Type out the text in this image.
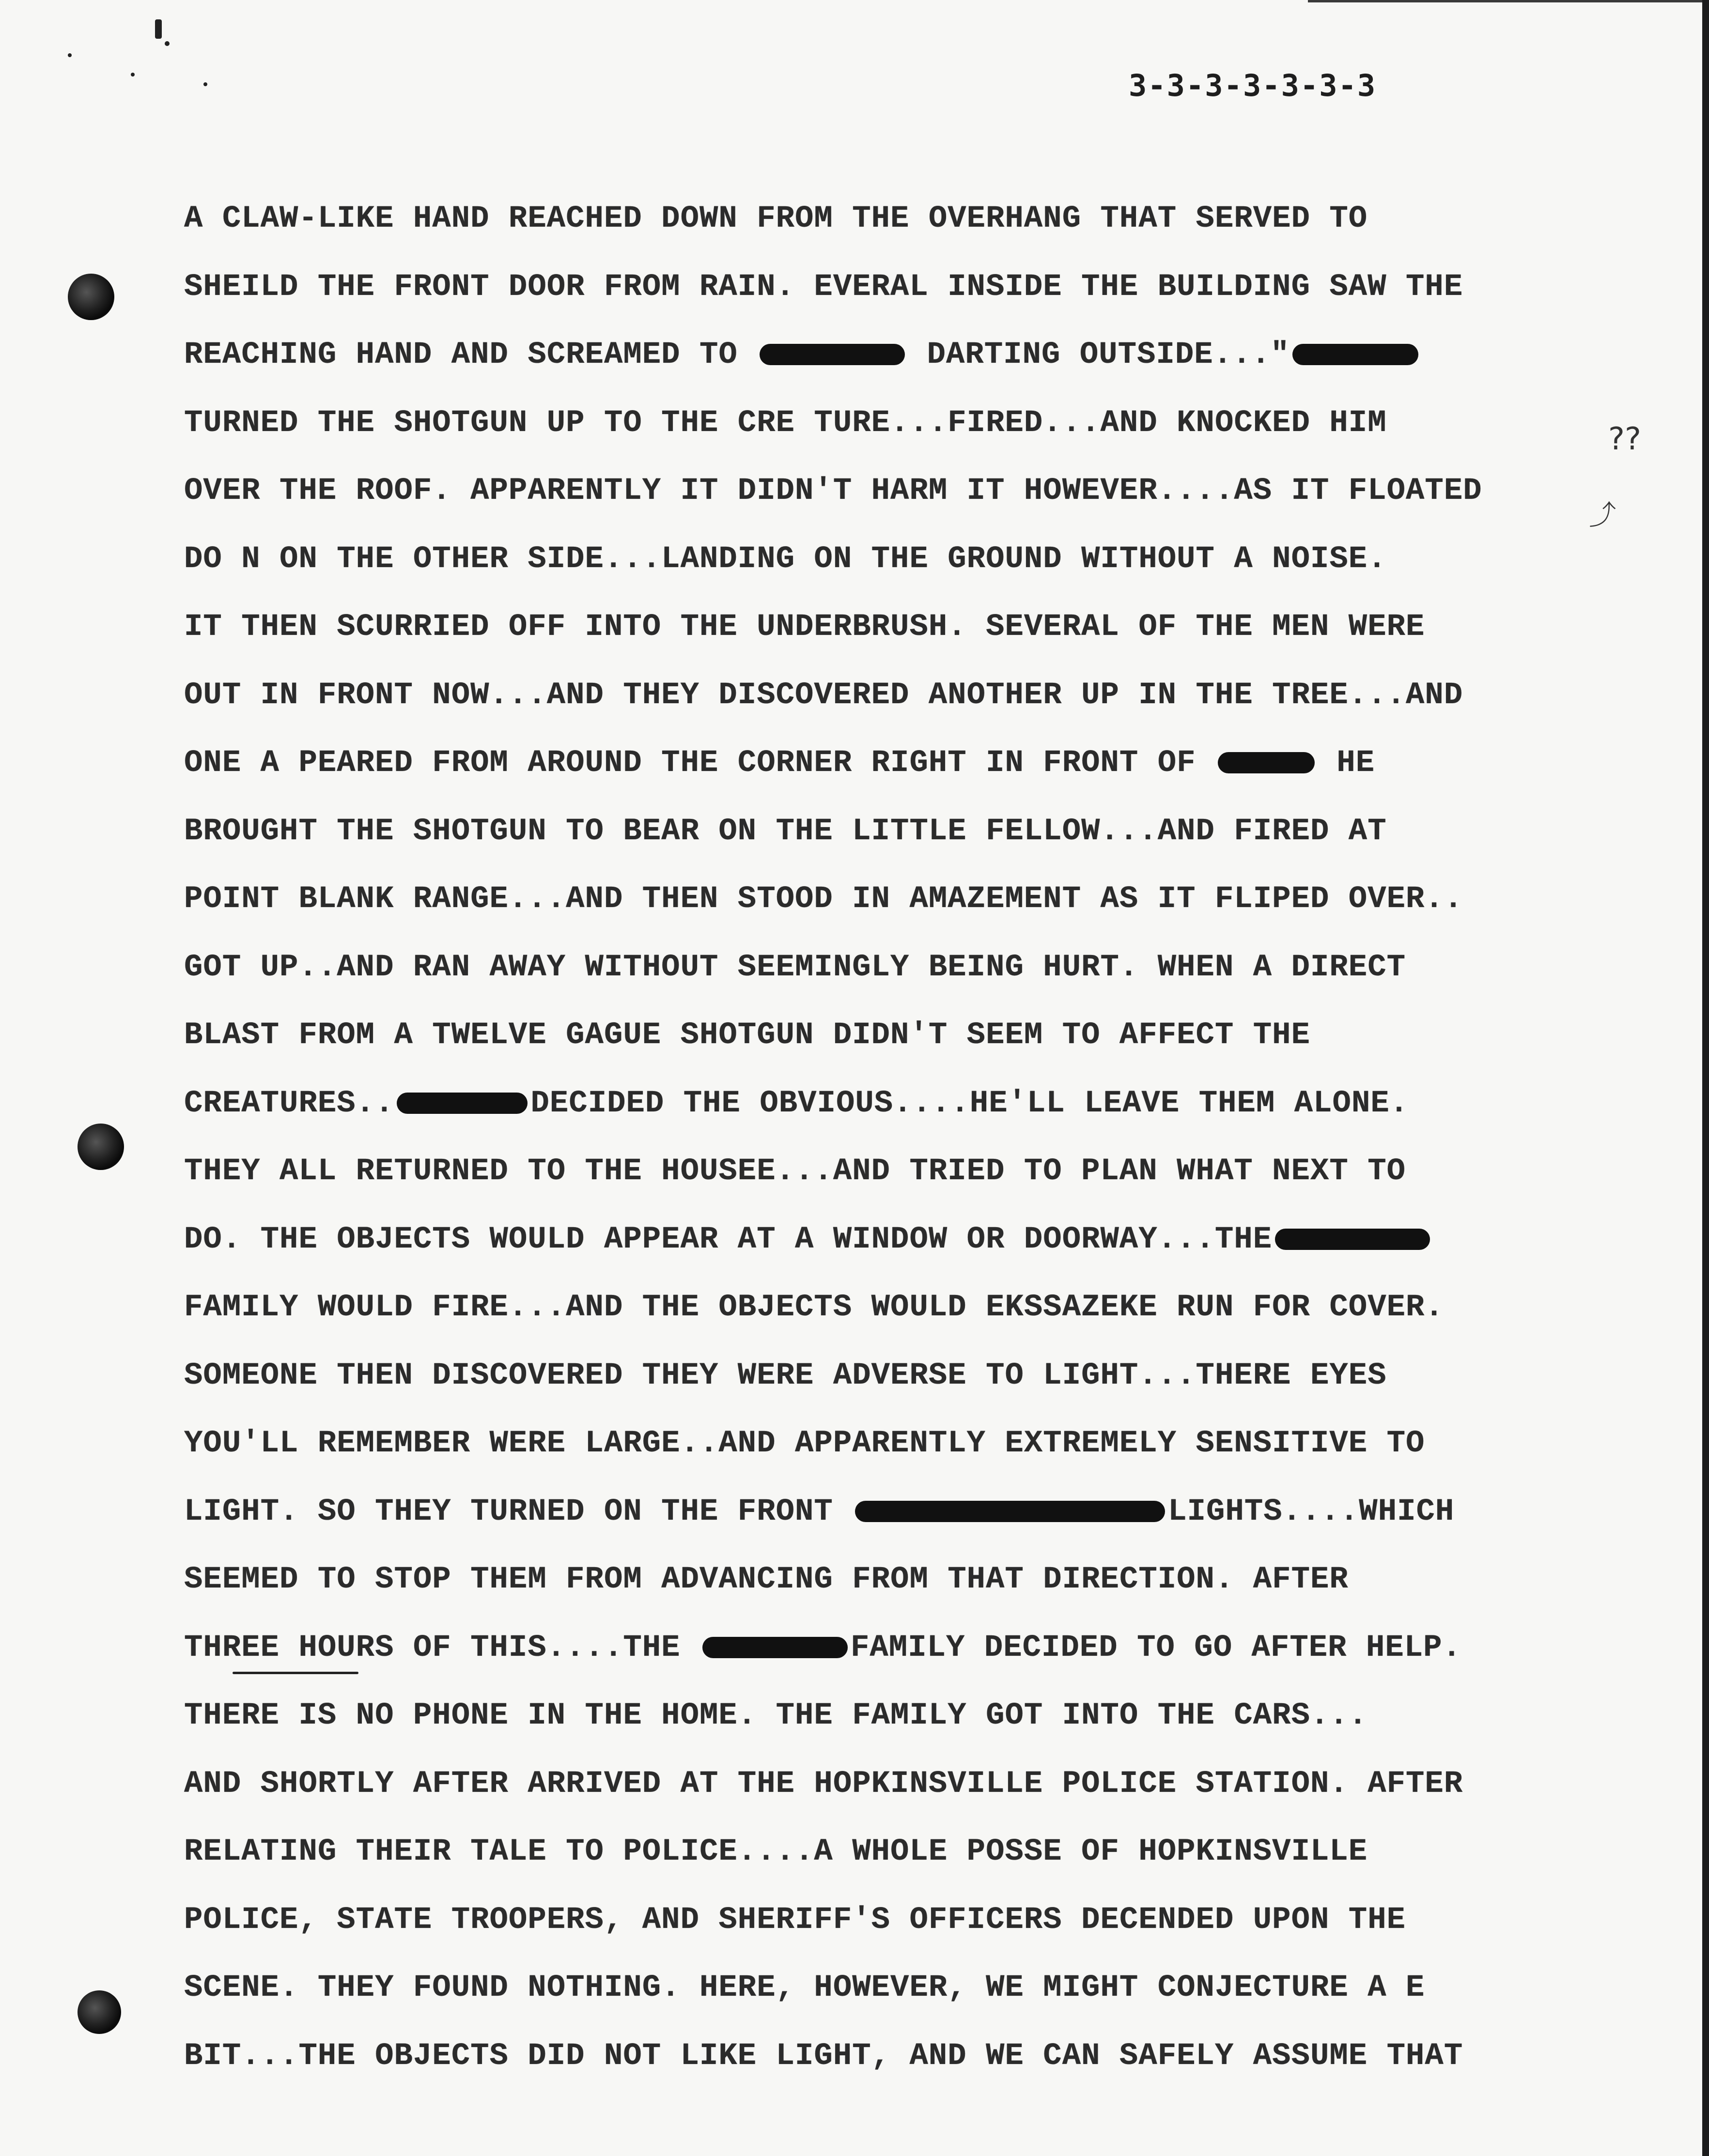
3-3-3-3-3-3-3
??
⤴
A CLAW-LIKE HAND REACHED DOWN FROM THE OVERHANG THAT SERVED TO
SHEILD THE FRONT DOOR FROM RAIN. EVERAL INSIDE THE BUILDING SAW THE
REACHING HAND AND SCREAMED TO	DARTING OUTSIDE..."
TURNED THE SHOTGUN UP TO THE CRE TURE...FIRED...AND KNOCKED HIM
OVER THE ROOF. APPARENTLY IT DIDN'T HARM IT HOWEVER....AS IT FLOATED
DO N ON THE OTHER SIDE...LANDING ON THE GROUND WITHOUT A NOISE.
IT THEN SCURRIED OFF INTO THE UNDERBRUSH. SEVERAL OF THE MEN WERE
OUT IN FRONT NOW...AND THEY DISCOVERED ANOTHER UP IN THE TREE...AND
ONE A PEARED FROM AROUND THE CORNER RIGHT IN FRONT OF	HE
BROUGHT THE SHOTGUN TO BEAR ON THE LITTLE FELLOW...AND FIRED AT
POINT BLANK RANGE...AND THEN STOOD IN AMAZEMENT AS IT FLIPED OVER..
GOT UP..AND RAN AWAY WITHOUT SEEMINGLY BEING HURT. WHEN A DIRECT
BLAST FROM A TWELVE GAGUE SHOTGUN DIDN'T SEEM TO AFFECT THE
CREATURES..	DECIDED THE OBVIOUS....HE'LL LEAVE THEM ALONE.
THEY ALL RETURNED TO THE HOUSEE...AND TRIED TO PLAN WHAT NEXT TO
DO. THE OBJECTS WOULD APPEAR AT A WINDOW OR DOORWAY...THE
FAMILY WOULD FIRE...AND THE OBJECTS WOULD EKSSAZEKE RUN FOR COVER.
SOMEONE THEN DISCOVERED THEY WERE ADVERSE TO LIGHT...THERE EYES
YOU'LL REMEMBER WERE LARGE..AND APPARENTLY EXTREMELY SENSITIVE TO
LIGHT. SO THEY TURNED ON THE FRONT	LIGHTS....WHICH
SEEMED TO STOP THEM FROM ADVANCING FROM THAT DIRECTION. AFTER
THREE HOURS OF THIS....THE	FAMILY DECIDED TO GO AFTER HELP.
THERE IS NO PHONE IN THE HOME. THE FAMILY GOT INTO THE CARS...
AND SHORTLY AFTER ARRIVED AT THE HOPKINSVILLE POLICE STATION. AFTER
RELATING THEIR TALE TO POLICE....A WHOLE POSSE OF HOPKINSVILLE
POLICE, STATE TROOPERS, AND SHERIFF'S OFFICERS DECENDED UPON THE
SCENE. THEY FOUND NOTHING. HERE, HOWEVER, WE MIGHT CONJECTURE A E
BIT...THE OBJECTS DID NOT LIKE LIGHT, AND WE CAN SAFELY ASSUME THAT
